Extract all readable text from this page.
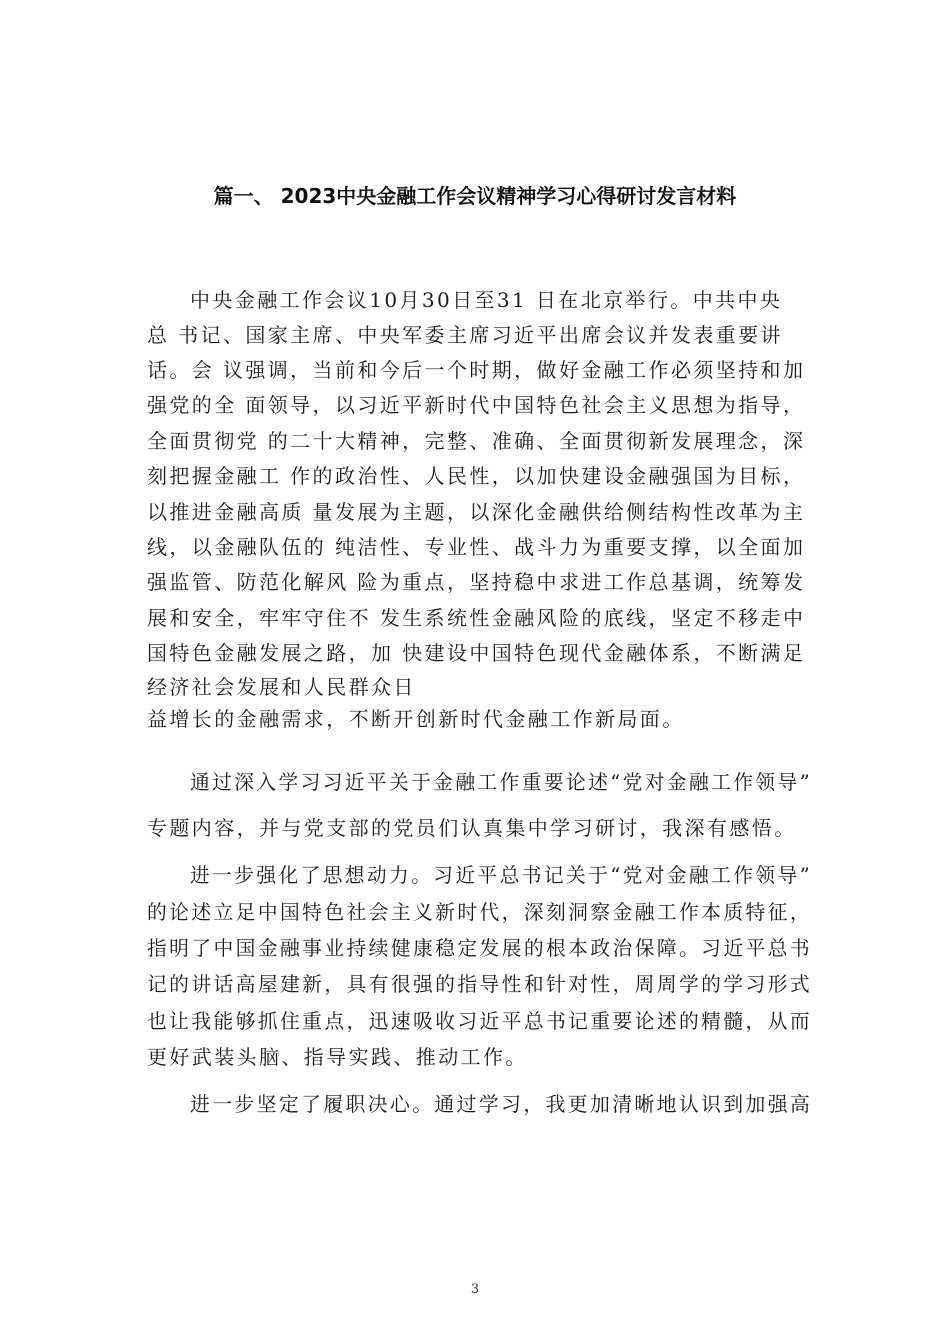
篇一、 2023中央金融工作会议精神学习心得研讨发言材料
中央金融工作会议10月30日至31 日在北京举行。中共中央
总 书记、国家主席、中央军委主席习近平出席会议并发表重要讲
话。会 议强调，当前和今后一个时期，做好金融工作必须坚持和加
强党的全 面领导，以习近平新时代中国特色社会主义思想为指导，
全面贯彻党 的二十大精神，完整、准确、全面贯彻新发展理念，深
刻把握金融工 作的政治性、人民性，以加快建设金融强国为目标，
以推进金融高质 量发展为主题，以深化金融供给侧结构性改革为主
线，以金融队伍的 纯洁性、专业性、战斗力为重要支撑，以全面加
强监管、防范化解风 险为重点，坚持稳中求进工作总基调，统筹发
展和安全，牢牢守住不 发生系统性金融风险的底线，坚定不移走中
国特色金融发展之路，加 快建设中国特色现代金融体系，不断满足
经济社会发展和人民群众日
益增长的金融需求，不断开创新时代金融工作新局面。
通过深入学习习近平关于金融工作重要论述“党对金融工作领导”
专题内容，并与党支部的党员们认真集中学习研讨，我深有感悟。
进一步强化了思想动力。习近平总书记关于“党对金融工作领导”
的论述立足中国特色社会主义新时代，深刻洞察金融工作本质特征，
指明了中国金融事业持续健康稳定发展的根本政治保障。习近平总书
记的讲话高屋建新，具有很强的指导性和针对性，周周学的学习形式
也让我能够抓住重点，迅速吸收习近平总书记重要论述的精髓，从而
更好武装头脑、指导实践、推动工作。
进一步坚定了履职决心。通过学习，我更加清晰地认识到加强高
3
